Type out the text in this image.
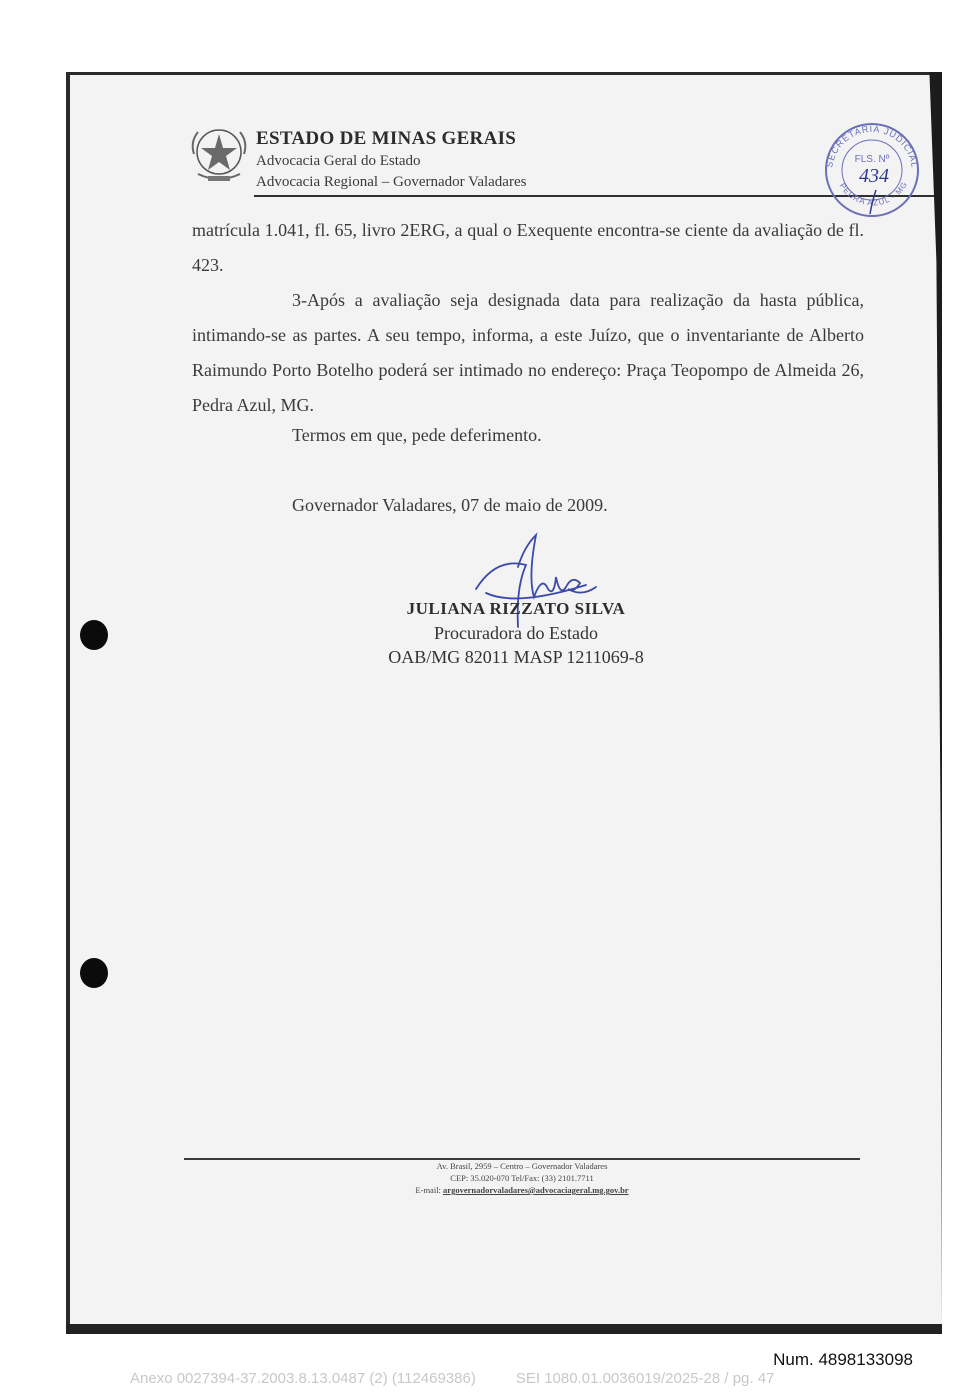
ESTADO DE MINAS GERAIS
Advocacia Geral do Estado
Advocacia Regional – Governador Valadares
SECRETARIA JUDICIAL
PEDRA AZUL - MG
FLS. Nº
434
matrícula 1.041, fl. 65, livro 2ERG, a qual o Exequente encontra-se ciente da avaliação de fl. 423.
3-Após a avaliação seja designada data para realização da hasta pública, intimando-se as partes. A seu tempo, informa, a este Juízo, que o inventariante de Alberto Raimundo Porto Botelho poderá ser intimado no endereço: Praça Teopompo de Almeida 26, Pedra Azul, MG.
Termos em que, pede deferimento.
Governador Valadares, 07 de maio de 2009.
JULIANA RIZZATO SILVA
Procuradora do Estado
OAB/MG 82011 MASP 1211069-8
Av. Brasil, 2959 – Centro – Governador Valadares
CEP: 35.020-070 Tel/Fax: (33) 2101.7711
E-mail: argovernadorvaladares@advocaciageral.mg.gov.br
Num. 4898133098
Anexo 0027394-37.2003.8.13.0487 (2) (112469386)	SEI 1080.01.0036019/2025-28 / pg. 47
